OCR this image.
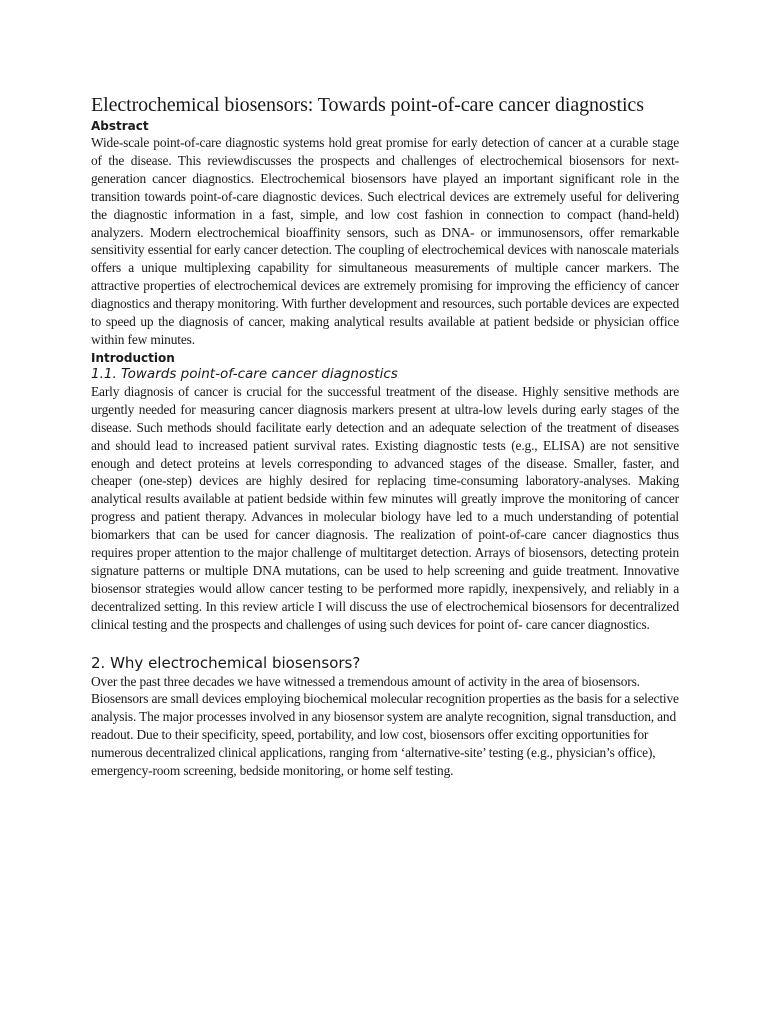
Electrochemical biosensors: Towards point-of-care cancer diagnostics
Abstract

Wide-scale point-of-care diagnostic systems hold great promise for early detection of cancer at a curable stage of the disease. This reviewdiscusses the prospects and challenges of electrochemical biosensors for next-generation cancer diagnostics. Electrochemical biosensors have played an important significant role in the transition towards point-of-care diagnostic devices. Such electrical devices are extremely useful for delivering the diagnostic information in a fast, simple, and low cost fashion in connection to compact (hand-held) analyzers. Modern electrochemical bioaffinity sensors, such as DNA- or immunosensors, offer remarkable sensitivity essential for early cancer detection. The coupling of electrochemical devices with nanoscale materials offers a unique multiplexing capability for simultaneous measurements of multiple cancer markers. The attractive properties of electrochemical devices are extremely promising for improving the efficiency of cancer diagnostics and therapy monitoring. With further development and resources, such portable devices are expected to speed up the diagnosis of cancer, making analytical results available at patient bedside or physician office within few minutes.

Introduction
1.1. Towards point-of-care cancer diagnostics

Early diagnosis of cancer is crucial for the successful treatment of the disease. Highly sensitive methods are urgently needed for measuring cancer diagnosis markers present at ultra-low levels during early stages of the disease. Such methods should facilitate early detection and an adequate selection of the treatment of diseases and should lead to increased patient survival rates. Existing diagnostic tests (e.g., ELISA) are not sensitive enough and detect proteins at levels corresponding to advanced stages of the disease. Smaller, faster, and cheaper (one-step) devices are highly desired for replacing time-consuming laboratory-analyses. Making analytical results available at patient bedside within few minutes will greatly improve the monitoring of cancer progress and patient therapy. Advances in molecular biology have led to a much understanding of potential biomarkers that can be used for cancer diagnosis. The realization of point-of-care cancer diagnostics thus requires proper attention to the major challenge of multitarget detection. Arrays of biosensors, detecting protein signature patterns or multiple DNA mutations, can be used to help screening and guide treatment. Innovative biosensor strategies would allow cancer testing to be performed more rapidly, inexpensively, and reliably in a decentralized setting. In this review article I will discuss the use of electrochemical biosensors for decentralized clinical testing and the prospects and challenges of using such devices for point of- care cancer diagnostics.

2. Why electrochemical biosensors?

Over the past three decades we have witnessed a tremendous amount of activity in the area of biosensors. Biosensors are small devices employing biochemical molecular recognition properties as the basis for a selective analysis. The major processes involved in any biosensor system are analyte recognition, signal transduction, and readout. Due to their specificity, speed, portability, and low cost, biosensors offer exciting opportunities for numerous decentralized clinical applications, ranging from ‘alternative-site’ testing (e.g., physician’s office), emergency-room screening, bedside monitoring, or home self testing.
